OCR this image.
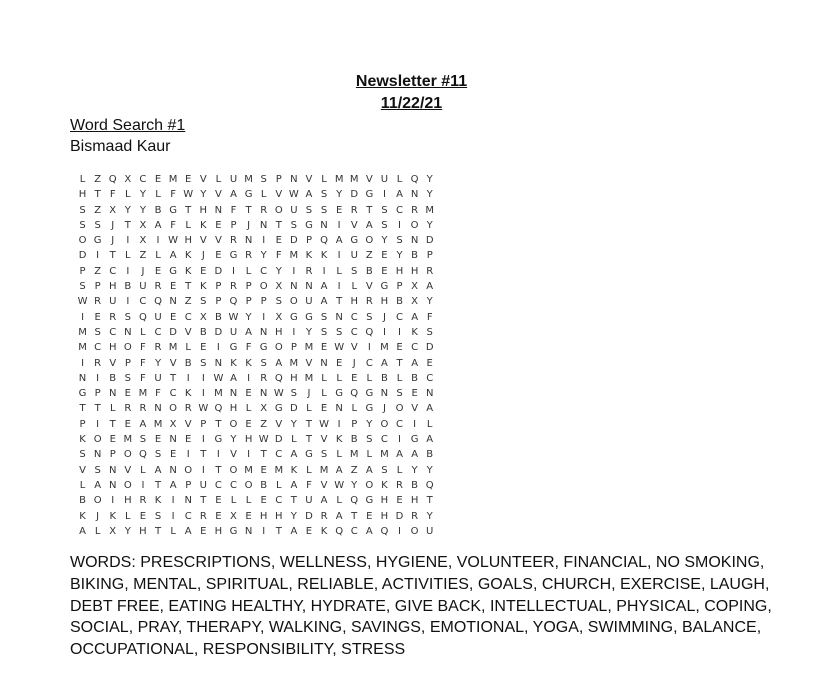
Newsletter #11
11/22/21
Word Search #1
Bismaad Kaur
L Z Q X C E M E V L U M S P N V L M M V U L Q Y
H T F L Y L F W Y V A G L V W A S Y D G I A N Y
S Z X Y Y B G T H N F T R O U S S E R T S C R M
S S J T X A F L K E P J N T S G N I V A S I O Y
O G J I X I W H V V R N I E D P Q A G O Y S N D
D I T L Z L A K J E G R Y F M K K I U Z E Y B P
P Z C I J E G K E D I L C Y I R I L S B E H H R
S P H B U R E T K P R P O X N N A I L V G P X A
W R U I C Q N Z S P Q P P S O U A T H R H B X Y
I E R S Q U E C X B W Y I X G G S N C S J C A F
M S C N L C D V B D U A N H I Y S S C Q I I K S
M C H O F R M L E I G F G O P M E W V I M E C D
I R V P F Y V B S N K K S A M V N E J C A T A E
N I B S F U T I I W A I R Q H M L L E L B L B C
G P N E M F C K I M N E N W S J L G Q G N S E N
T T L R R N O R W Q H L X G D L E N L G J O V A
P I T E A M X V P T O E Z V Y T W I P Y O C I L
K O E M S E N E I G Y H W D L T V K B S C I G A
S N P O Q S E I T I V I T C A G S L M L M A A B
V S N V L A N O I T O M E M K L M A Z A S L Y Y
L A N O I T A P U C C O B L A F V W Y O K R B Q
B O I H R K I N T E L L E C T U A L Q G H E H T
K J K L E S I C R E X E H H Y D R A T E H D R Y
A L X Y H T L A E H G N I T A E K Q C A Q I O U
WORDS: PRESCRIPTIONS, WELLNESS, HYGIENE, VOLUNTEER, FINANCIAL, NO SMOKING, BIKING, MENTAL, SPIRITUAL, RELIABLE, ACTIVITIES, GOALS, CHURCH, EXERCISE, LAUGH, DEBT FREE, EATING HEALTHY, HYDRATE, GIVE BACK, INTELLECTUAL, PHYSICAL, COPING, SOCIAL, PRAY, THERAPY, WALKING, SAVINGS, EMOTIONAL, YOGA, SWIMMING, BALANCE, OCCUPATIONAL, RESPONSIBILITY, STRESS
